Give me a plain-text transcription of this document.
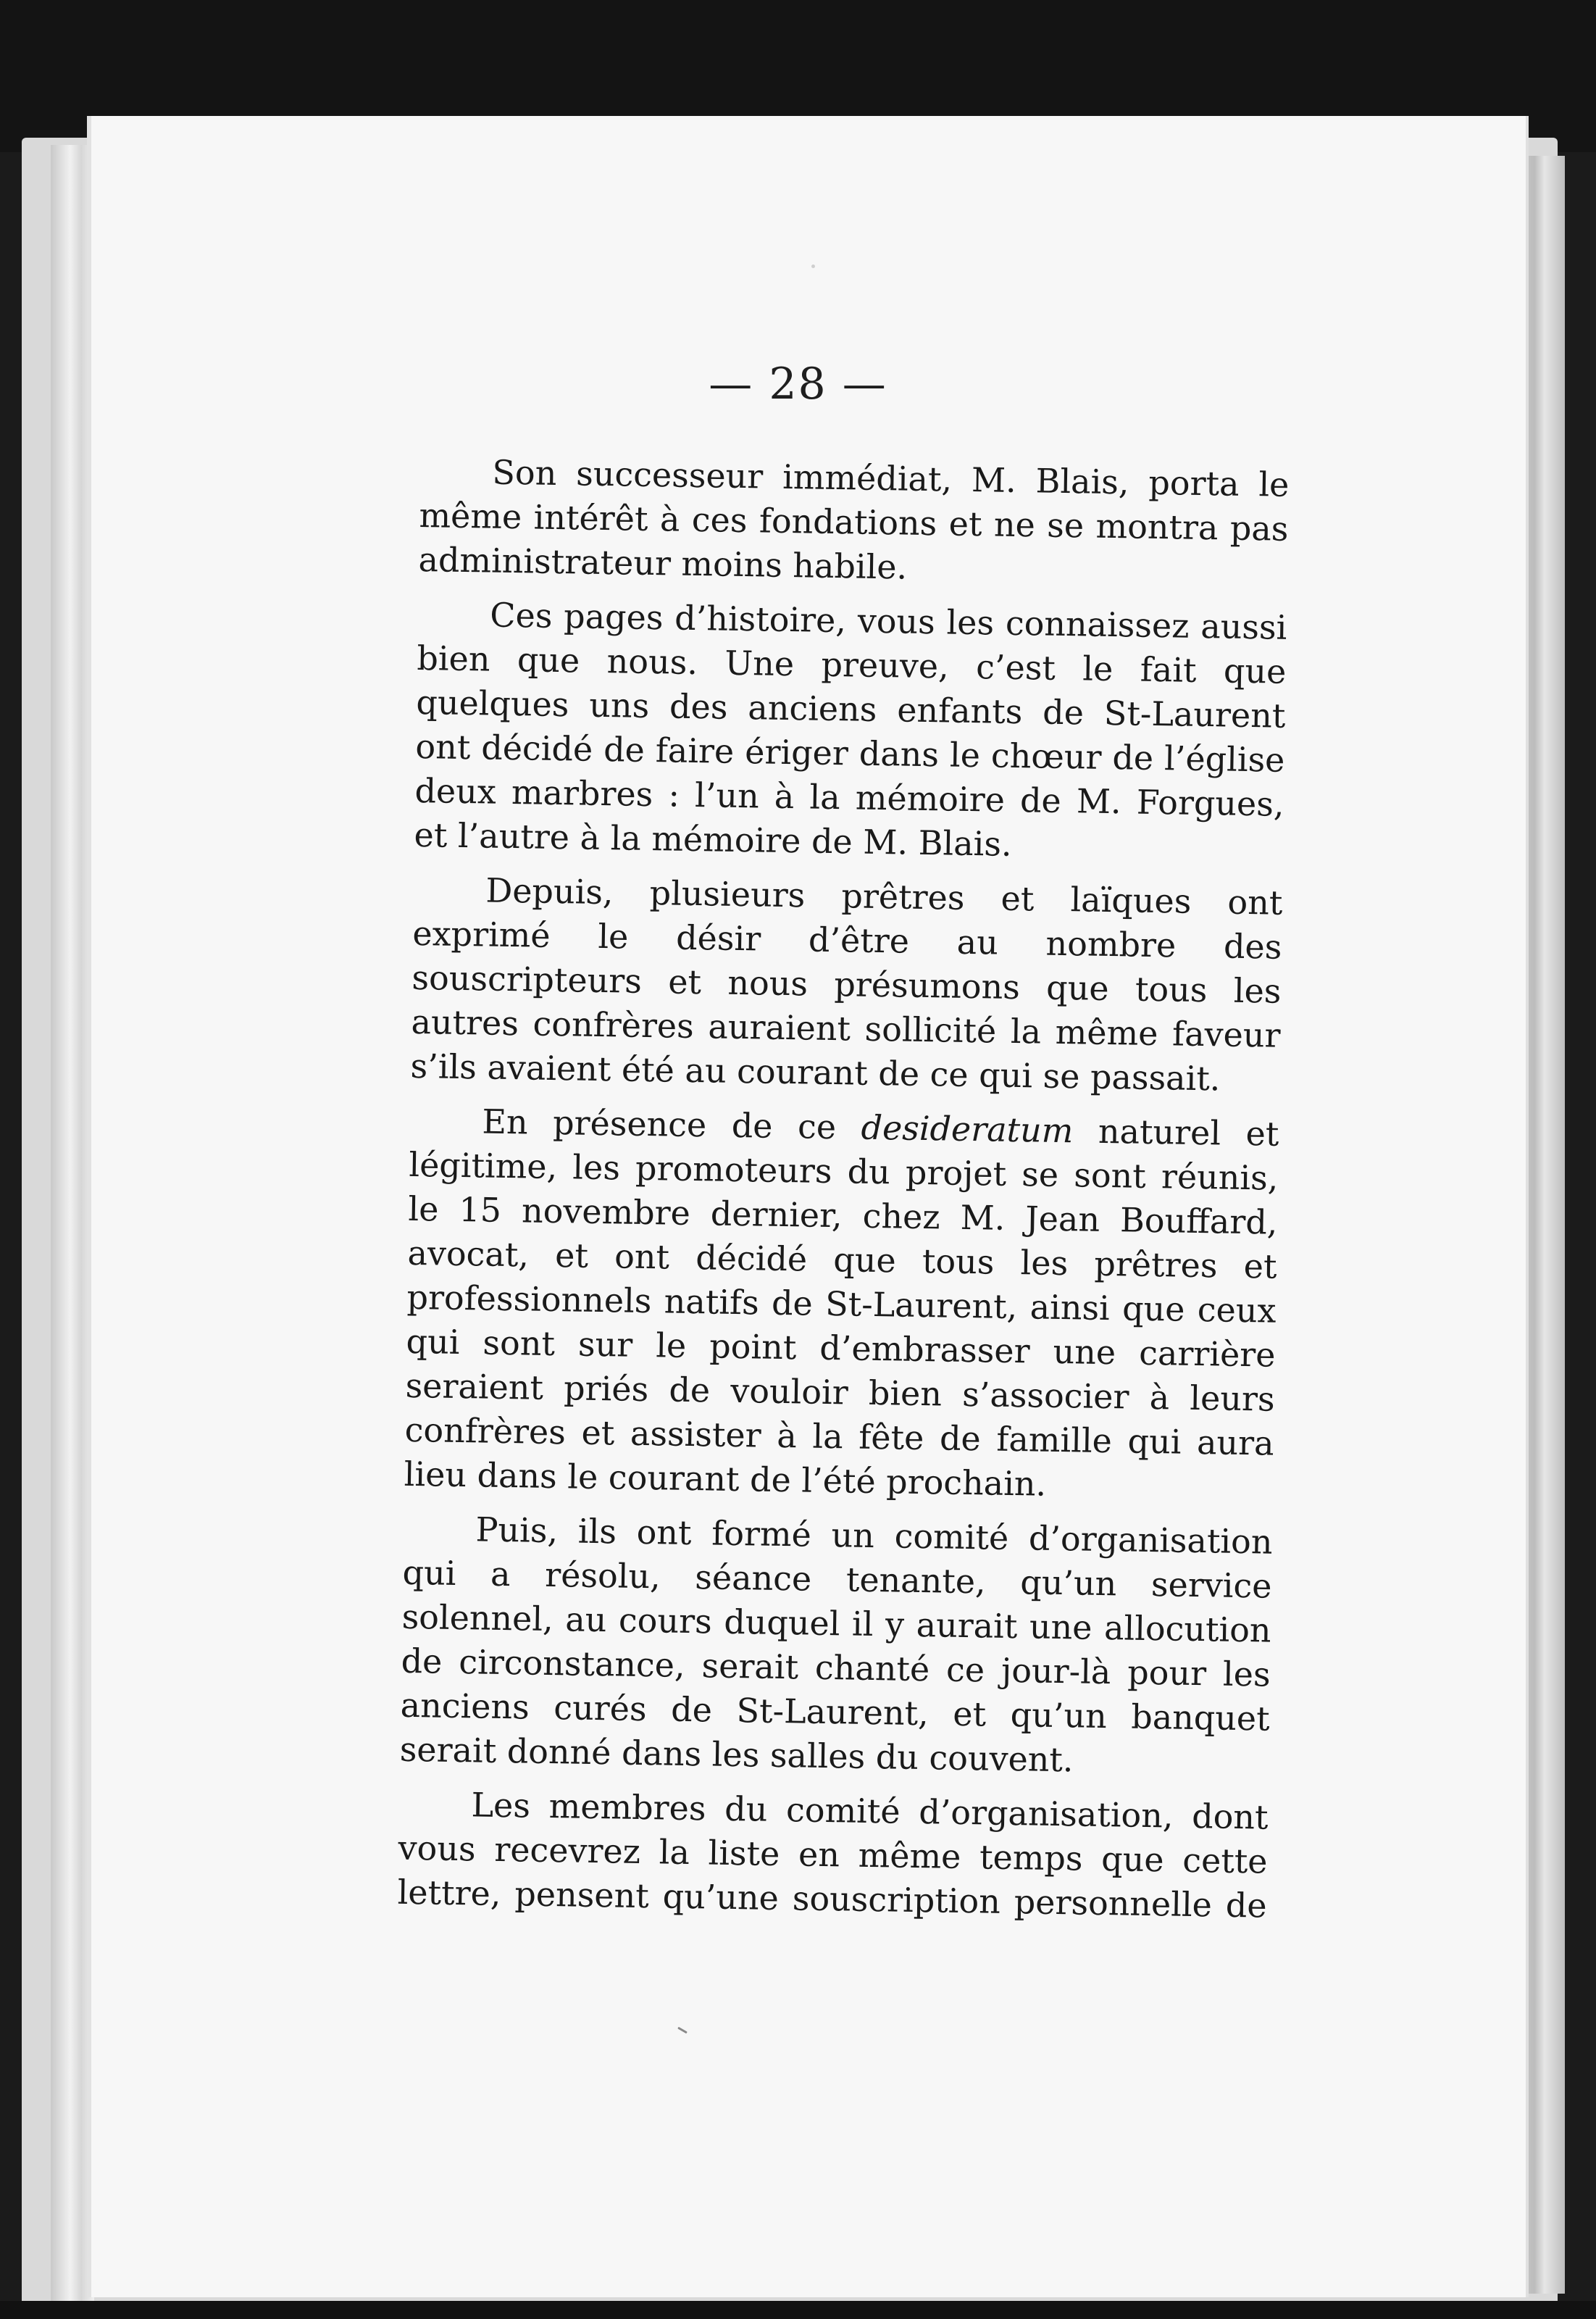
— 28 —

Son successeur immédiat, M. Blais, porta le même intérêt à ces fondations et ne se montra pas administrateur moins habile.

Ces pages d’histoire, vous les connaissez aussi bien que nous. Une preuve, c’est le fait que quelques uns des anciens enfants de St-Laurent ont décidé de faire ériger dans le chœur de l’église deux marbres : l’un à la mémoire de M. Forgues, et l’autre à la mémoire de M. Blais.

Depuis, plusieurs prêtres et laïques ont exprimé le désir d’être au nombre des souscripteurs et nous présumons que tous les autres confrères auraient sollicité la même faveur s’ils avaient été au courant de ce qui se passait.

En présence de ce desideratum naturel et légitime, les promoteurs du projet se sont réunis, le 15 novembre dernier, chez M. Jean Bouffard, avocat, et ont décidé que tous les prêtres et professionnels natifs de St-Laurent, ainsi que ceux qui sont sur le point d’embrasser une carrière seraient priés de vouloir bien s’associer à leurs confrères et assister à la fête de famille qui aura lieu dans le courant de l’été prochain.

Puis, ils ont formé un comité d’organisation qui a résolu, séance tenante, qu’un service solennel, au cours duquel il y aurait une allocution de circonstance, serait chanté ce jour-là pour les anciens curés de St-Laurent, et qu’un banquet serait donné dans les salles du couvent.

Les membres du comité d’organisation, dont vous recevrez la liste en même temps que cette lettre, pensent qu’une souscription personnelle de
